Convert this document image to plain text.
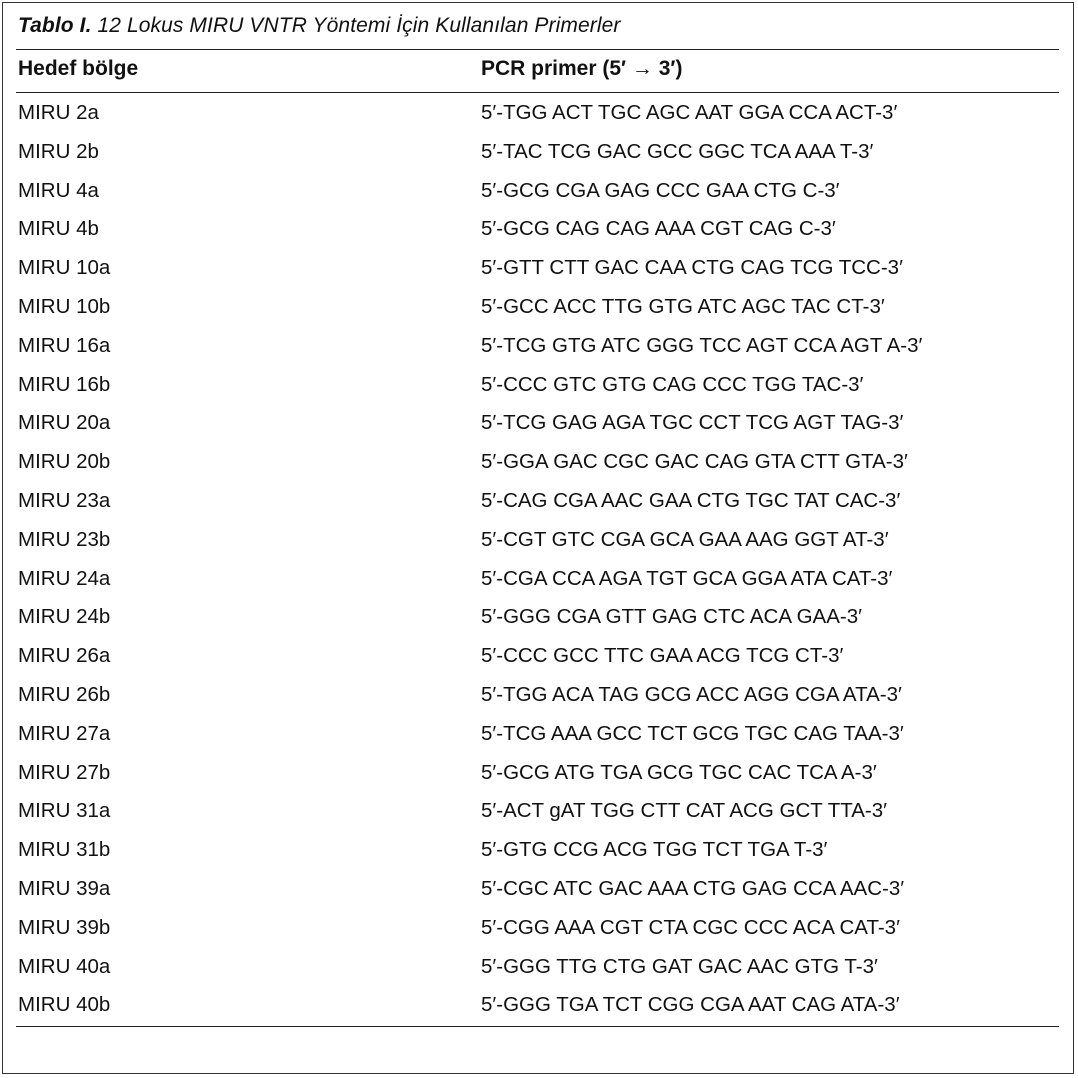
Tablo I. 12 Lokus MIRU VNTR Yöntemi İçin Kullanılan Primerler
Hedef bölge	PCR primer (5′ → 3′)
MIRU 2a	5′-TGG ACT TGC AGC AAT GGA CCA ACT-3′
MIRU 2b	5′-TAC TCG GAC GCC GGC TCA AAA T-3′
MIRU 4a	5′-GCG CGA GAG CCC GAA CTG C-3′
MIRU 4b	5′-GCG CAG CAG AAA CGT CAG C-3′
MIRU 10a	5′-GTT CTT GAC CAA CTG CAG TCG TCC-3′
MIRU 10b	5′-GCC ACC TTG GTG ATC AGC TAC CT-3′
MIRU 16a	5′-TCG GTG ATC GGG TCC AGT CCA AGT A-3′
MIRU 16b	5′-CCC GTC GTG CAG CCC TGG TAC-3′
MIRU 20a	5′-TCG GAG AGA TGC CCT TCG AGT TAG-3′
MIRU 20b	5′-GGA GAC CGC GAC CAG GTA CTT GTA-3′
MIRU 23a	5′-CAG CGA AAC GAA CTG TGC TAT CAC-3′
MIRU 23b	5′-CGT GTC CGA GCA GAA AAG GGT AT-3′
MIRU 24a	5′-CGA CCA AGA TGT GCA GGA ATA CAT-3′
MIRU 24b	5′-GGG CGA GTT GAG CTC ACA GAA-3′
MIRU 26a	5′-CCC GCC TTC GAA ACG TCG CT-3′
MIRU 26b	5′-TGG ACA TAG GCG ACC AGG CGA ATA-3′
MIRU 27a	5′-TCG AAA GCC TCT GCG TGC CAG TAA-3′
MIRU 27b	5′-GCG ATG TGA GCG TGC CAC TCA A-3′
MIRU 31a	5′-ACT gAT TGG CTT CAT ACG GCT TTA-3′
MIRU 31b	5′-GTG CCG ACG TGG TCT TGA T-3′
MIRU 39a	5′-CGC ATC GAC AAA CTG GAG CCA AAC-3′
MIRU 39b	5′-CGG AAA CGT CTA CGC CCC ACA CAT-3′
MIRU 40a	5′-GGG TTG CTG GAT GAC AAC GTG T-3′
MIRU 40b	5′-GGG TGA TCT CGG CGA AAT CAG ATA-3′
